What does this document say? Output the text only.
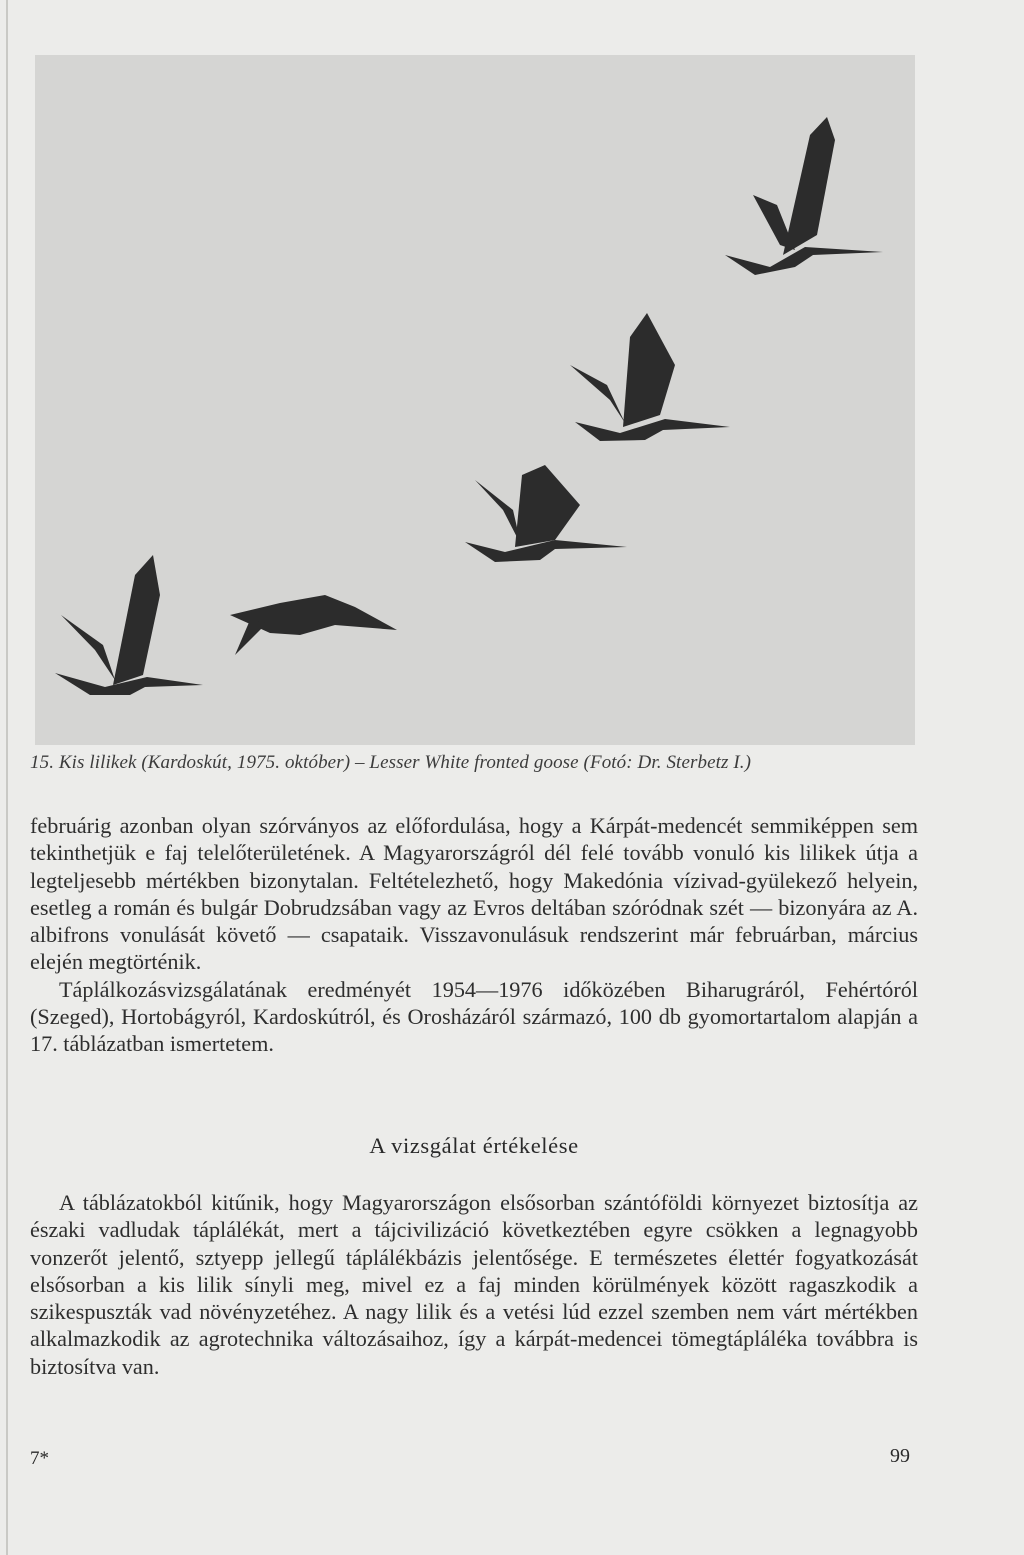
15. Kis lilikek (Kardoskút, 1975. október) – Lesser White fronted goose (Fotó: Dr. Sterbetz I.)

februárig azonban olyan szórványos az előfordulása, hogy a Kárpát-medencét semmiképpen sem tekinthetjük e faj telelőterületének. A Magyarországról dél felé tovább vonuló kis lilikek útja a legteljesebb mértékben bizonytalan. Feltételezhető, hogy Makedónia vízivad-gyülekező helyein, esetleg a román és bulgár Dobrudzsában vagy az Evros deltában szóródnak szét — bizonyára az A. albifrons vonulását követő — csapataik. Visszavonulásuk rendszerint már februárban, március elején megtörténik.

Táplálkozásvizsgálatának eredményét 1954—1976 időközében Biharugráról, Fehértóról (Szeged), Hortobágyról, Kardoskútról, és Orosházáról származó, 100 db gyomortartalom alapján a 17. táblázatban ismertetem.

A vizsgálat értékelése

A táblázatokból kitűnik, hogy Magyarországon elsősorban szántóföldi környezet biztosítja az északi vadludak táplálékát, mert a tájcivilizáció következtében egyre csökken a legnagyobb vonzerőt jelentő, sztyepp jellegű táplálékbázis jelentősége. E természetes élettér fogyatkozását elsősorban a kis lilik sínyli meg, mivel ez a faj minden körülmények között ragaszkodik a szikespuszták vad növényzetéhez. A nagy lilik és a vetési lúd ezzel szemben nem várt mértékben alkalmazkodik az agrotechnika változásaihoz, így a kárpát-medencei tömegtápláléka továbbra is biztosítva van.

7*	99
